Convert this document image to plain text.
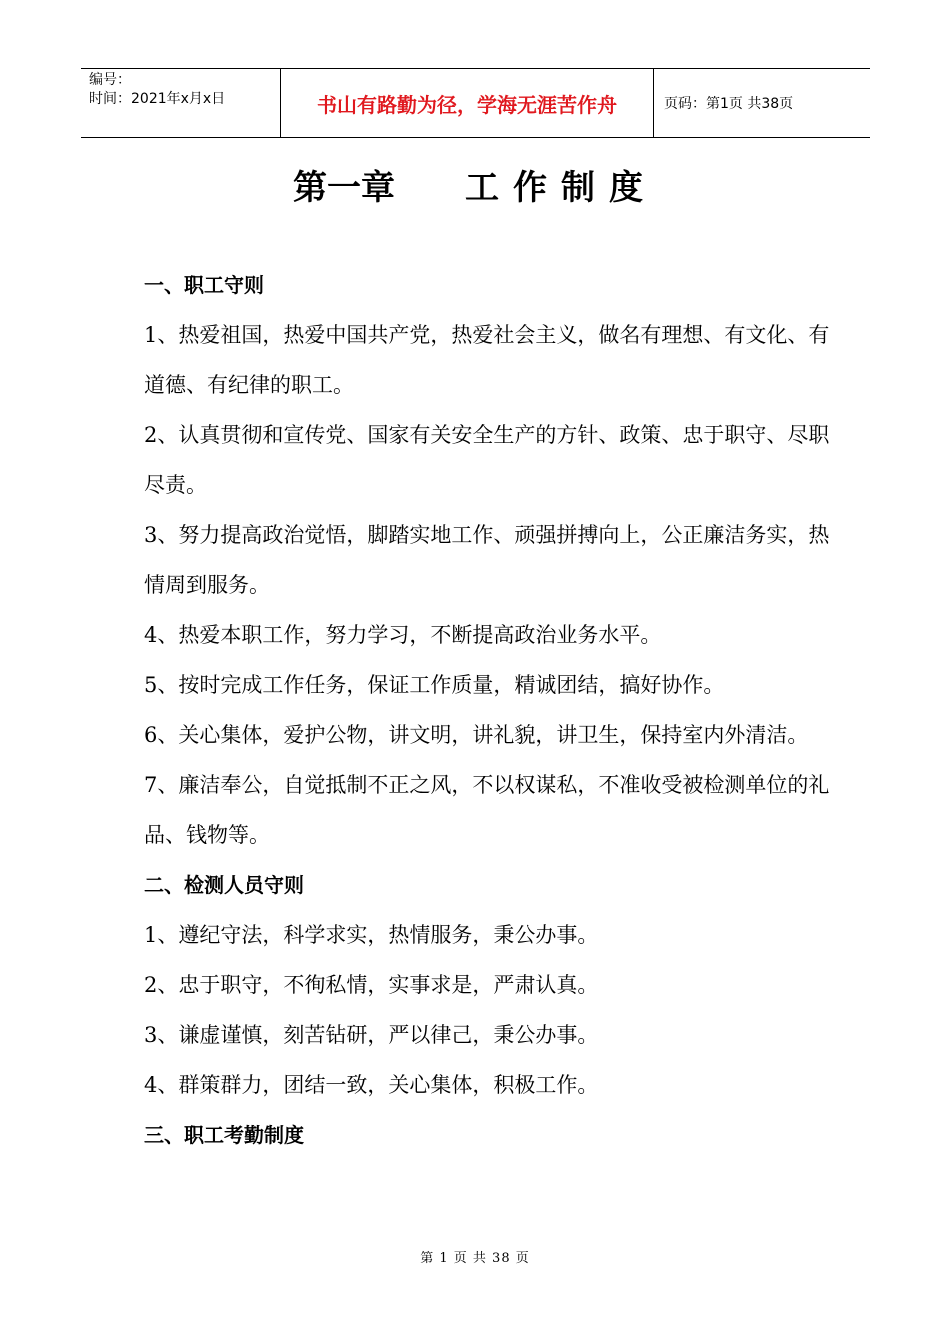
编号：
时间：2021年x月x日	书山有路勤为径，学海无涯苦作舟	页码：第1页 共38页
第一章 工作制度

一、职工守则

1、热爱祖国，热爱中国共产党，热爱社会主义，做名有理想、有文化、有道德、有纪律的职工。

2、认真贯彻和宣传党、国家有关安全生产的方针、政策、忠于职守、尽职尽责。

3、努力提高政治觉悟，脚踏实地工作、顽强拼搏向上，公正廉洁务实，热情周到服务。

4、热爱本职工作，努力学习，不断提高政治业务水平。

5、按时完成工作任务，保证工作质量，精诚团结，搞好协作。

6、关心集体，爱护公物，讲文明，讲礼貌，讲卫生，保持室内外清洁。

7、廉洁奉公，自觉抵制不正之风，不以权谋私，不准收受被检测单位的礼品、钱物等。

二、检测人员守则

1、遵纪守法，科学求实，热情服务，秉公办事。

2、忠于职守，不徇私情，实事求是，严肃认真。

3、谦虚谨慎，刻苦钻研，严以律己，秉公办事。

4、群策群力，团结一致，关心集体，积极工作。

三、职工考勤制度

第 1 页 共 38 页
